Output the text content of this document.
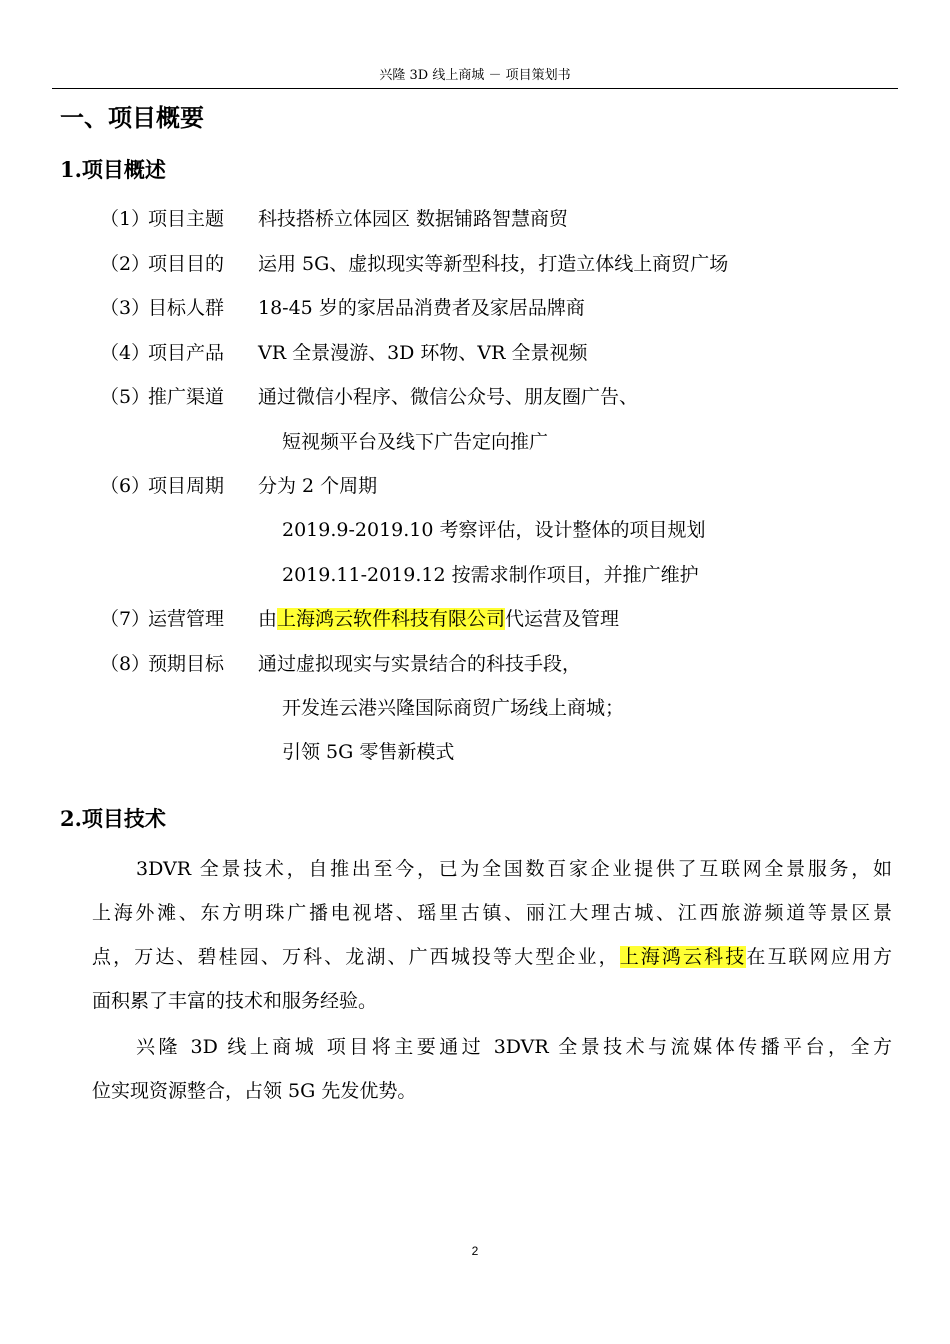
兴隆 3D 线上商城 － 项目策划书
一、项目概要
1.项目概述
（1）项目主题 科技搭桥立体园区 数据铺路智慧商贸
（2）项目目的 运用 5G、虚拟现实等新型科技，打造立体线上商贸广场
（3）目标人群 18-45 岁的家居品消费者及家居品牌商
（4）项目产品 VR 全景漫游、3D 环物、VR 全景视频
（5）推广渠道 通过微信小程序、微信公众号、朋友圈广告、
短视频平台及线下广告定向推广
（6）项目周期 分为 2 个周期
2019.9-2019.10 考察评估，设计整体的项目规划
2019.11-2019.12 按需求制作项目，并推广维护
（7）运营管理 由上海鸿云软件科技有限公司代运营及管理
（8）预期目标 通过虚拟现实与实景结合的科技手段，
开发连云港兴隆国际商贸广场线上商城；
引领 5G 零售新模式
2.项目技术
3DVR 全景技术，自推出至今，已为全国数百家企业提供了互联网全景服务，如
上海外滩、东方明珠广播电视塔、瑶里古镇、丽江大理古城、江西旅游频道等景区景
点，万达、碧桂园、万科、龙湖、广西城投等大型企业，上海鸿云科技在互联网应用方
面积累了丰富的技术和服务经验。
兴隆 3D 线上商城 项目将主要通过 3DVR 全景技术与流媒体传播平台，全方
位实现资源整合，占领 5G 先发优势。
2
